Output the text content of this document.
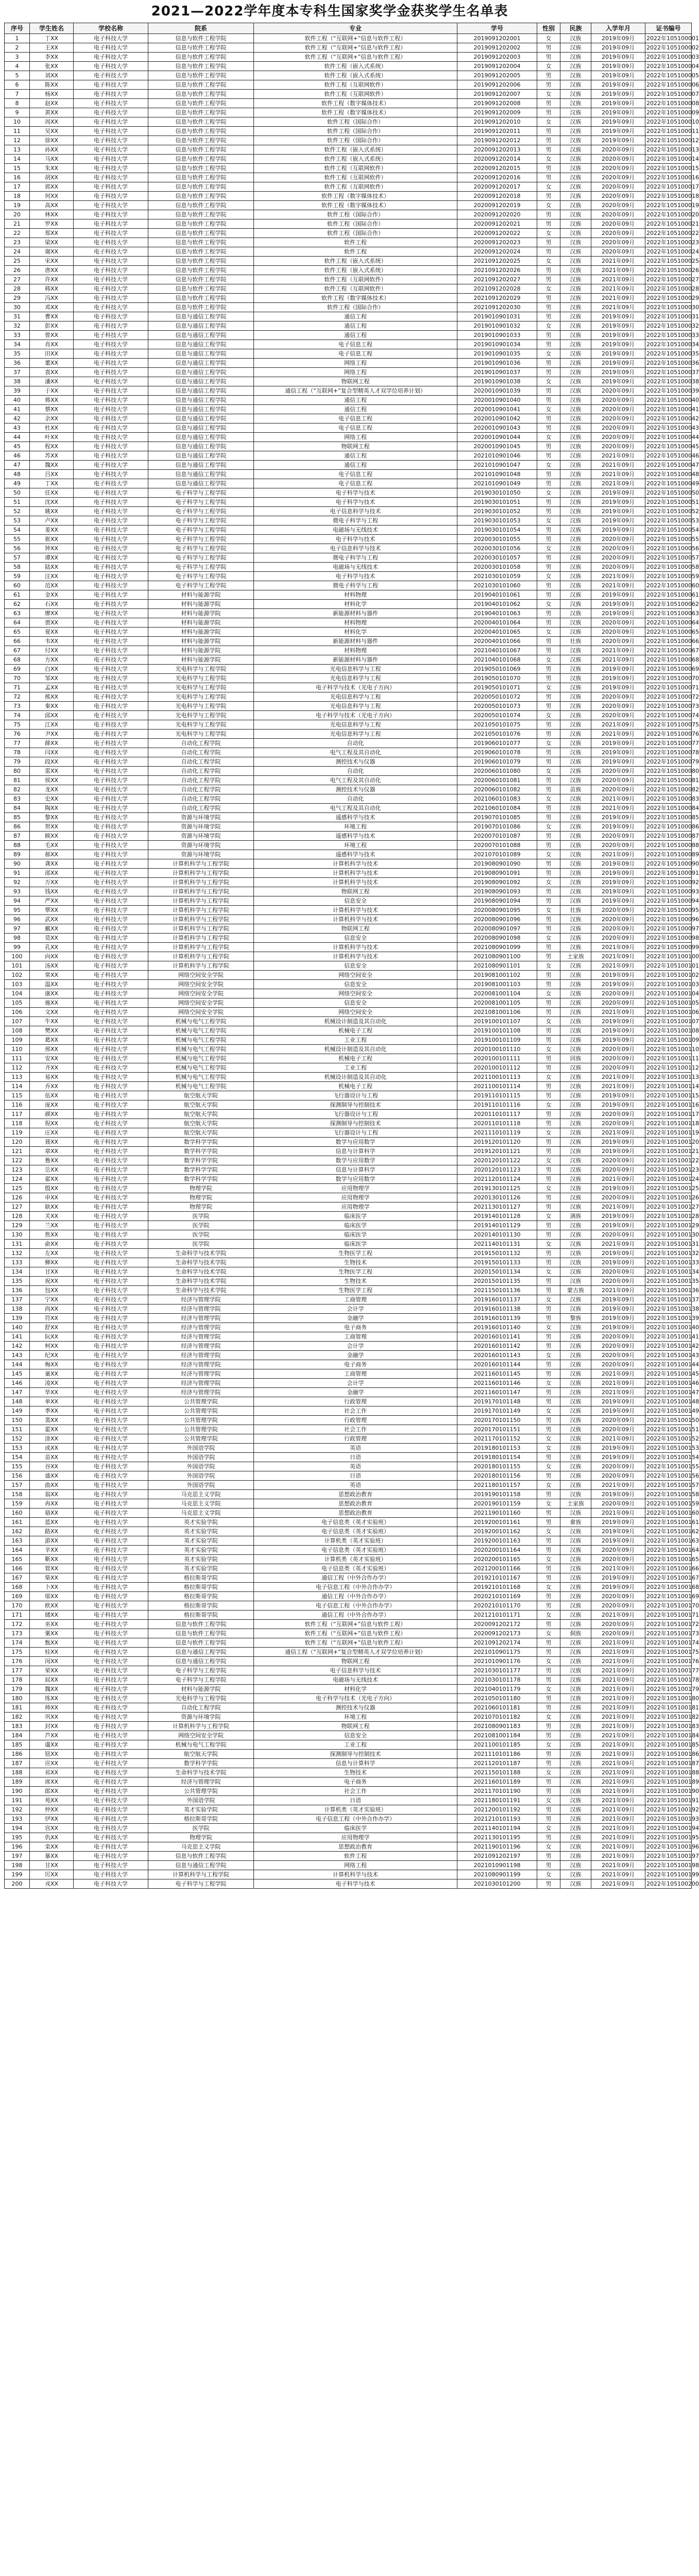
2021—2022学年度本专科生国家奖学金获奖学生名单表
序号	学生姓名	学校名称	院系	专业	学号	性别	民族	入学年月	证书编号
1	丁XX	电子科技大学	信息与软件工程学院	软件工程（“互联网+”信息与软件工程）	2019091202001	女	汉族	2019年09月	2022年105100001
2	王XX	电子科技大学	信息与软件工程学院	软件工程（“互联网+”信息与软件工程）	2019091202002	男	汉族	2019年09月	2022年105100002
3	李XX	电子科技大学	信息与软件工程学院	软件工程（“互联网+”信息与软件工程）	2019091202003	男	汉族	2019年09月	2022年105100003
4	张XX	电子科技大学	信息与软件工程学院	软件工程（嵌入式系统）	2019091202004	女	汉族	2019年09月	2022年105100004
5	刘XX	电子科技大学	信息与软件工程学院	软件工程（嵌入式系统）	2019091202005	男	汉族	2019年09月	2022年105100005
6	陈XX	电子科技大学	信息与软件工程学院	软件工程（互联网软件）	2019091202006	男	汉族	2019年09月	2022年105100006
7	杨XX	电子科技大学	信息与软件工程学院	软件工程（互联网软件）	2019091202007	女	汉族	2019年09月	2022年105100007
8	赵XX	电子科技大学	信息与软件工程学院	软件工程（数字媒体技术）	2019091202008	男	汉族	2019年09月	2022年105100008
9	黄XX	电子科技大学	信息与软件工程学院	软件工程（数字媒体技术）	2019091202009	男	汉族	2019年09月	2022年105100009
10	周XX	电子科技大学	信息与软件工程学院	软件工程（国际合作）	2019091202010	女	汉族	2019年09月	2022年105100010
11	吴XX	电子科技大学	信息与软件工程学院	软件工程（国际合作）	2019091202011	男	汉族	2019年09月	2022年105100011
12	徐XX	电子科技大学	信息与软件工程学院	软件工程（国际合作）	2019091202012	男	汉族	2019年09月	2022年105100012
13	孙XX	电子科技大学	信息与软件工程学院	软件工程（嵌入式系统）	2020091202013	男	汉族	2020年09月	2022年105100013
14	马XX	电子科技大学	信息与软件工程学院	软件工程（嵌入式系统）	2020091202014	女	汉族	2020年09月	2022年105100014
15	朱XX	电子科技大学	信息与软件工程学院	软件工程（互联网软件）	2020091202015	男	汉族	2020年09月	2022年105100015
16	胡XX	电子科技大学	信息与软件工程学院	软件工程（互联网软件）	2020091202016	男	汉族	2020年09月	2022年105100016
17	郭XX	电子科技大学	信息与软件工程学院	软件工程（互联网软件）	2020091202017	女	汉族	2020年09月	2022年105100017
18	何XX	电子科技大学	信息与软件工程学院	软件工程（数字媒体技术）	2020091202018	男	汉族	2020年09月	2022年105100018
19	高XX	电子科技大学	信息与软件工程学院	软件工程（数字媒体技术）	2020091202019	女	汉族	2020年09月	2022年105100019
20	林XX	电子科技大学	信息与软件工程学院	软件工程（国际合作）	2020091202020	男	汉族	2020年09月	2022年105100020
21	罗XX	电子科技大学	信息与软件工程学院	软件工程（国际合作）	2020091202021	男	汉族	2020年09月	2022年105100021
22	郑XX	电子科技大学	信息与软件工程学院	软件工程（国际合作）	2020091202022	女	汉族	2020年09月	2022年105100022
23	梁XX	电子科技大学	信息与软件工程学院	软件工程	2020091202023	男	汉族	2020年09月	2022年105100023
24	谢XX	电子科技大学	信息与软件工程学院	软件工程	2020091202024	男	汉族	2020年09月	2022年105100024
25	宋XX	电子科技大学	信息与软件工程学院	软件工程（嵌入式系统）	2021091202025	女	汉族	2021年09月	2022年105100025
26	唐XX	电子科技大学	信息与软件工程学院	软件工程（嵌入式系统）	2021091202026	男	汉族	2021年09月	2022年105100026
27	许XX	电子科技大学	信息与软件工程学院	软件工程（互联网软件）	2021091202027	男	汉族	2021年09月	2022年105100027
28	韩XX	电子科技大学	信息与软件工程学院	软件工程（互联网软件）	2021091202028	女	汉族	2021年09月	2022年105100028
29	冯XX	电子科技大学	信息与软件工程学院	软件工程（数字媒体技术）	2021091202029	男	汉族	2021年09月	2022年105100029
30	邓XX	电子科技大学	信息与软件工程学院	软件工程（国际合作）	2021091202030	男	汉族	2021年09月	2022年105100030
31	曹XX	电子科技大学	信息与通信工程学院	通信工程	2019010901031	男	汉族	2019年09月	2022年105100031
32	彭XX	电子科技大学	信息与通信工程学院	通信工程	2019010901032	女	汉族	2019年09月	2022年105100032
33	曾XX	电子科技大学	信息与通信工程学院	通信工程	2019010901033	男	汉族	2019年09月	2022年105100033
34	肖XX	电子科技大学	信息与通信工程学院	电子信息工程	2019010901034	男	汉族	2019年09月	2022年105100034
35	田XX	电子科技大学	信息与通信工程学院	电子信息工程	2019010901035	女	汉族	2019年09月	2022年105100035
36	董XX	电子科技大学	信息与通信工程学院	网络工程	2019010901036	男	汉族	2019年09月	2022年105100036
37	袁XX	电子科技大学	信息与通信工程学院	网络工程	2019010901037	男	汉族	2019年09月	2022年105100037
38	潘XX	电子科技大学	信息与通信工程学院	物联网工程	2019010901038	女	汉族	2019年09月	2022年105100038
39	于XX	电子科技大学	信息与通信工程学院	通信工程（“互联网+”复合型精英人才双学位培养计划）	2020010901039	男	汉族	2020年09月	2022年105100039
40	蒋XX	电子科技大学	信息与通信工程学院	通信工程	2020010901040	男	汉族	2020年09月	2022年105100040
41	蔡XX	电子科技大学	信息与通信工程学院	通信工程	2020010901041	女	汉族	2020年09月	2022年105100041
42	余XX	电子科技大学	信息与通信工程学院	电子信息工程	2020010901042	男	汉族	2020年09月	2022年105100042
43	杜XX	电子科技大学	信息与通信工程学院	电子信息工程	2020010901043	男	汉族	2020年09月	2022年105100043
44	叶XX	电子科技大学	信息与通信工程学院	网络工程	2020010901044	女	汉族	2020年09月	2022年105100044
45	程XX	电子科技大学	信息与通信工程学院	物联网工程	2020010901045	男	汉族	2020年09月	2022年105100045
46	苏XX	电子科技大学	信息与通信工程学院	通信工程	2021010901046	男	汉族	2021年09月	2022年105100046
47	魏XX	电子科技大学	信息与通信工程学院	通信工程	2021010901047	女	汉族	2021年09月	2022年105100047
48	吕XX	电子科技大学	信息与通信工程学院	电子信息工程	2021010901048	男	汉族	2021年09月	2022年105100048
49	丁XX	电子科技大学	信息与通信工程学院	电子信息工程	2021010901049	男	汉族	2021年09月	2022年105100049
50	任XX	电子科技大学	电子科学与工程学院	电子科学与技术	2019030101050	女	汉族	2019年09月	2022年105100050
51	沈XX	电子科技大学	电子科学与工程学院	电子科学与技术	2019030101051	男	汉族	2019年09月	2022年105100051
52	姚XX	电子科技大学	电子科学与工程学院	电子信息科学与技术	2019030101052	男	汉族	2019年09月	2022年105100052
53	卢XX	电子科技大学	电子科学与工程学院	微电子科学与工程	2019030101053	女	汉族	2019年09月	2022年105100053
54	姜XX	电子科技大学	电子科学与工程学院	电磁场与无线技术	2019030101054	男	汉族	2019年09月	2022年105100054
55	崔XX	电子科技大学	电子科学与工程学院	电子科学与技术	2020030101055	男	汉族	2020年09月	2022年105100055
56	钟XX	电子科技大学	电子科学与工程学院	电子信息科学与技术	2020030101056	女	汉族	2020年09月	2022年105100056
57	谭XX	电子科技大学	电子科学与工程学院	微电子科学与工程	2020030101057	男	汉族	2020年09月	2022年105100057
58	陆XX	电子科技大学	电子科学与工程学院	电磁场与无线技术	2020030101058	男	汉族	2020年09月	2022年105100058
59	汪XX	电子科技大学	电子科学与工程学院	电子科学与技术	2021030101059	女	汉族	2021年09月	2022年105100059
60	范XX	电子科技大学	电子科学与工程学院	微电子科学与工程	2021030101060	男	汉族	2021年09月	2022年105100060
61	金XX	电子科技大学	材料与能源学院	材料物理	2019040101061	男	汉族	2019年09月	2022年105100061
62	石XX	电子科技大学	材料与能源学院	材料化学	2019040101062	女	汉族	2019年09月	2022年105100062
63	廖XX	电子科技大学	材料与能源学院	新能源材料与器件	2019040101063	男	汉族	2019年09月	2022年105100063
64	贾XX	电子科技大学	材料与能源学院	材料物理	2020040101064	男	汉族	2020年09月	2022年105100064
65	夏XX	电子科技大学	材料与能源学院	材料化学	2020040101065	女	汉族	2020年09月	2022年105100065
66	韦XX	电子科技大学	材料与能源学院	新能源材料与器件	2020040101066	男	壮族	2020年09月	2022年105100066
67	付XX	电子科技大学	材料与能源学院	材料物理	2021040101067	男	汉族	2021年09月	2022年105100067
68	方XX	电子科技大学	材料与能源学院	新能源材料与器件	2021040101068	女	汉族	2021年09月	2022年105100068
69	白XX	电子科技大学	光电科学与工程学院	光电信息科学与工程	2019050101069	男	汉族	2019年09月	2022年105100069
70	邹XX	电子科技大学	光电科学与工程学院	光电信息科学与工程	2019050101070	男	汉族	2019年09月	2022年105100070
71	孟XX	电子科技大学	光电科学与工程学院	电子科学与技术（光电子方向）	2019050101071	女	汉族	2019年09月	2022年105100071
72	熊XX	电子科技大学	光电科学与工程学院	光电信息科学与工程	2020050101072	男	汉族	2020年09月	2022年105100072
73	秦XX	电子科技大学	光电科学与工程学院	光电信息科学与工程	2020050101073	男	汉族	2020年09月	2022年105100073
74	邱XX	电子科技大学	光电科学与工程学院	电子科学与技术（光电子方向）	2020050101074	女	汉族	2020年09月	2022年105100074
75	江XX	电子科技大学	光电科学与工程学院	光电信息科学与工程	2021050101075	男	汉族	2021年09月	2022年105100075
76	尹XX	电子科技大学	光电科学与工程学院	光电信息科学与工程	2021050101076	男	汉族	2021年09月	2022年105100076
77	薛XX	电子科技大学	自动化工程学院	自动化	2019060101077	女	汉族	2019年09月	2022年105100077
78	闫XX	电子科技大学	自动化工程学院	电气工程及其自动化	2019060101078	男	汉族	2019年09月	2022年105100078
79	段XX	电子科技大学	自动化工程学院	测控技术与仪器	2019060101079	男	汉族	2019年09月	2022年105100079
80	雷XX	电子科技大学	自动化工程学院	自动化	2020060101080	女	汉族	2020年09月	2022年105100080
81	侯XX	电子科技大学	自动化工程学院	电气工程及其自动化	2020060101081	男	汉族	2020年09月	2022年105100081
82	龙XX	电子科技大学	自动化工程学院	测控技术与仪器	2020060101082	男	苗族	2020年09月	2022年105100082
83	史XX	电子科技大学	自动化工程学院	自动化	2021060101083	女	汉族	2021年09月	2022年105100083
84	陶XX	电子科技大学	自动化工程学院	电气工程及其自动化	2021060101084	男	汉族	2021年09月	2022年105100084
85	黎XX	电子科技大学	资源与环境学院	遥感科学与技术	2019070101085	男	汉族	2019年09月	2022年105100085
86	贺XX	电子科技大学	资源与环境学院	环境工程	2019070101086	女	汉族	2019年09月	2022年105100086
87	顾XX	电子科技大学	资源与环境学院	遥感科学与技术	2020070101087	男	汉族	2020年09月	2022年105100087
88	毛XX	电子科技大学	资源与环境学院	环境工程	2020070101088	男	汉族	2020年09月	2022年105100088
89	郝XX	电子科技大学	资源与环境学院	遥感科学与技术	2021070101089	女	汉族	2021年09月	2022年105100089
90	龚XX	电子科技大学	计算机科学与工程学院	计算机科学与技术	2019080901090	男	汉族	2019年09月	2022年105100090
91	邵XX	电子科技大学	计算机科学与工程学院	计算机科学与技术	2019080901091	男	汉族	2019年09月	2022年105100091
92	万XX	电子科技大学	计算机科学与工程学院	计算机科学与技术	2019080901092	女	汉族	2019年09月	2022年105100092
93	钱XX	电子科技大学	计算机科学与工程学院	物联网工程	2019080901093	男	汉族	2019年09月	2022年105100093
94	严XX	电子科技大学	计算机科学与工程学院	信息安全	2019080901094	男	汉族	2019年09月	2022年105100094
95	覃XX	电子科技大学	计算机科学与工程学院	计算机科学与技术	2020080901095	女	壮族	2020年09月	2022年105100095
96	武XX	电子科技大学	计算机科学与工程学院	计算机科学与技术	2020080901096	男	汉族	2020年09月	2022年105100096
97	戴XX	电子科技大学	计算机科学与工程学院	物联网工程	2020080901097	男	汉族	2020年09月	2022年105100097
98	莫XX	电子科技大学	计算机科学与工程学院	信息安全	2020080901098	女	汉族	2020年09月	2022年105100098
99	孔XX	电子科技大学	计算机科学与工程学院	计算机科学与技术	2021080901099	男	汉族	2021年09月	2022年105100099
100	向XX	电子科技大学	计算机科学与工程学院	计算机科学与技术	2021080901100	男	土家族	2021年09月	2022年105100100
101	汤XX	电子科技大学	计算机科学与工程学院	信息安全	2021080901101	女	汉族	2021年09月	2022年105100101
102	常XX	电子科技大学	网络空间安全学院	网络空间安全	2019081001102	男	汉族	2019年09月	2022年105100102
103	温XX	电子科技大学	网络空间安全学院	信息安全	2019081001103	男	汉族	2019年09月	2022年105100103
104	康XX	电子科技大学	网络空间安全学院	网络空间安全	2020081001104	女	汉族	2020年09月	2022年105100104
105	施XX	电子科技大学	网络空间安全学院	信息安全	2020081001105	男	汉族	2020年09月	2022年105100105
106	文XX	电子科技大学	网络空间安全学院	网络空间安全	2021081001106	男	汉族	2021年09月	2022年105100106
107	牛XX	电子科技大学	机械与电气工程学院	机械设计制造及其自动化	2019100101107	女	汉族	2019年09月	2022年105100107
108	樊XX	电子科技大学	机械与电气工程学院	机械电子工程	2019100101108	男	汉族	2019年09月	2022年105100108
109	葛XX	电子科技大学	机械与电气工程学院	工业工程	2019100101109	男	汉族	2019年09月	2022年105100109
110	邢XX	电子科技大学	机械与电气工程学院	机械设计制造及其自动化	2020100101110	女	汉族	2020年09月	2022年105100110
111	安XX	电子科技大学	机械与电气工程学院	机械电子工程	2020100101111	男	回族	2020年09月	2022年105100111
112	齐XX	电子科技大学	机械与电气工程学院	工业工程	2020100101112	男	汉族	2020年09月	2022年105100112
113	易XX	电子科技大学	机械与电气工程学院	机械设计制造及其自动化	2021100101113	女	汉族	2021年09月	2022年105100113
114	乔XX	电子科技大学	机械与电气工程学院	机械电子工程	2021100101114	男	汉族	2021年09月	2022年105100114
115	伍XX	电子科技大学	航空航天学院	飞行器设计与工程	2019110101115	男	汉族	2019年09月	2022年105100115
116	庞XX	电子科技大学	航空航天学院	探测制导与控制技术	2019110101116	女	汉族	2019年09月	2022年105100116
117	颜XX	电子科技大学	航空航天学院	飞行器设计与工程	2020110101117	男	汉族	2020年09月	2022年105100117
118	倪XX	电子科技大学	航空航天学院	探测制导与控制技术	2020110101118	男	汉族	2020年09月	2022年105100118
119	庄XX	电子科技大学	航空航天学院	飞行器设计与工程	2021110101119	女	汉族	2021年09月	2022年105100119
120	聂XX	电子科技大学	数学科学学院	数学与应用数学	2019120101120	男	汉族	2019年09月	2022年105100120
121	章XX	电子科技大学	数学科学学院	信息与计算科学	2019120101121	男	汉族	2019年09月	2022年105100121
122	鲁XX	电子科技大学	数学科学学院	数学与应用数学	2020120101122	女	汉族	2020年09月	2022年105100122
123	岳XX	电子科技大学	数学科学学院	信息与计算科学	2020120101123	男	汉族	2020年09月	2022年105100123
124	翟XX	电子科技大学	数学科学学院	数学与应用数学	2021120101124	男	汉族	2021年09月	2022年105100124
125	殷XX	电子科技大学	物理学院	应用物理学	2019130101125	女	汉族	2019年09月	2022年105100125
126	申XX	电子科技大学	物理学院	应用物理学	2020130101126	男	汉族	2020年09月	2022年105100126
127	耿XX	电子科技大学	物理学院	应用物理学	2021130101127	男	汉族	2021年09月	2022年105100127
128	关XX	电子科技大学	医学院	临床医学	2019140101128	女	满族	2019年09月	2022年105100128
129	兰XX	电子科技大学	医学院	临床医学	2019140101129	男	汉族	2019年09月	2022年105100129
130	焦XX	电子科技大学	医学院	临床医学	2020140101130	男	汉族	2020年09月	2022年105100130
131	俞XX	电子科技大学	医学院	临床医学	2021140101131	女	汉族	2021年09月	2022年105100131
132	左XX	电子科技大学	生命科学与技术学院	生物医学工程	2019150101132	男	汉族	2019年09月	2022年105100132
133	柳XX	电子科技大学	生命科学与技术学院	生物技术	2019150101133	男	汉族	2019年09月	2022年105100133
134	甘XX	电子科技大学	生命科学与技术学院	生物医学工程	2020150101134	女	汉族	2020年09月	2022年105100134
135	祝XX	电子科技大学	生命科学与技术学院	生物技术	2020150101135	男	汉族	2020年09月	2022年105100135
136	包XX	电子科技大学	生命科学与技术学院	生物医学工程	2021150101136	男	蒙古族	2021年09月	2022年105100136
137	宁XX	电子科技大学	经济与管理学院	工商管理	2019160101137	女	汉族	2019年09月	2022年105100137
138	尚XX	电子科技大学	经济与管理学院	会计学	2019160101138	男	汉族	2019年09月	2022年105100138
139	符XX	电子科技大学	经济与管理学院	金融学	2019160101139	男	黎族	2019年09月	2022年105100139
140	舒XX	电子科技大学	经济与管理学院	电子商务	2019160101140	女	汉族	2019年09月	2022年105100140
141	阮XX	电子科技大学	经济与管理学院	工商管理	2020160101141	男	汉族	2020年09月	2022年105100141
142	柯XX	电子科技大学	经济与管理学院	会计学	2020160101142	男	汉族	2020年09月	2022年105100142
143	纪XX	电子科技大学	经济与管理学院	金融学	2020160101143	女	汉族	2020年09月	2022年105100143
144	梅XX	电子科技大学	经济与管理学院	电子商务	2020160101144	男	汉族	2020年09月	2022年105100144
145	童XX	电子科技大学	经济与管理学院	工商管理	2021160101145	男	汉族	2021年09月	2022年105100145
146	凌XX	电子科技大学	经济与管理学院	会计学	2021160101146	女	汉族	2021年09月	2022年105100146
147	毕XX	电子科技大学	经济与管理学院	金融学	2021160101147	男	汉族	2021年09月	2022年105100147
148	单XX	电子科技大学	公共管理学院	行政管理	2019170101148	男	汉族	2019年09月	2022年105100148
149	季XX	电子科技大学	公共管理学院	社会工作	2019170101149	女	汉族	2019年09月	2022年105100149
150	裴XX	电子科技大学	公共管理学院	行政管理	2020170101150	男	汉族	2020年09月	2022年105100150
151	霍XX	电子科技大学	公共管理学院	社会工作	2020170101151	男	汉族	2020年09月	2022年105100151
152	涂XX	电子科技大学	公共管理学院	行政管理	2021170101152	女	汉族	2021年09月	2022年105100152
153	成XX	电子科技大学	外国语学院	英语	2019180101153	女	汉族	2019年09月	2022年105100153
154	苗XX	电子科技大学	外国语学院	日语	2019180101154	男	汉族	2019年09月	2022年105100154
155	谷XX	电子科技大学	外国语学院	英语	2020180101155	女	汉族	2020年09月	2022年105100155
156	盛XX	电子科技大学	外国语学院	日语	2020180101156	男	汉族	2020年09月	2022年105100156
157	曲XX	电子科技大学	外国语学院	英语	2021180101157	女	汉族	2021年09月	2022年105100157
158	翁XX	电子科技大学	马克思主义学院	思想政治教育	2019190101158	男	汉族	2019年09月	2022年105100158
159	冉XX	电子科技大学	马克思主义学院	思想政治教育	2020190101159	女	土家族	2020年09月	2022年105100159
160	骆XX	电子科技大学	马克思主义学院	思想政治教育	2021190101160	男	汉族	2021年09月	2022年105100160
161	蓝XX	电子科技大学	英才实验学院	电子信息类（英才实验班）	2019200101161	男	畲族	2019年09月	2022年105100161
162	路XX	电子科技大学	英才实验学院	电子信息类（英才实验班）	2019200101162	女	汉族	2019年09月	2022年105100162
163	游XX	电子科技大学	英才实验学院	计算机类（英才实验班）	2019200101163	男	汉族	2019年09月	2022年105100163
164	辛XX	电子科技大学	英才实验学院	电子信息类（英才实验班）	2020200101164	男	汉族	2020年09月	2022年105100164
165	靳XX	电子科技大学	英才实验学院	计算机类（英才实验班）	2020200101165	女	汉族	2020年09月	2022年105100165
166	管XX	电子科技大学	英才实验学院	电子信息类（英才实验班）	2021200101166	男	汉族	2021年09月	2022年105100166
167	柴XX	电子科技大学	格拉斯哥学院	通信工程（中外合作办学）	2019210101167	男	汉族	2019年09月	2022年105100167
168	卜XX	电子科技大学	格拉斯哥学院	电子信息工程（中外合作办学）	2019210101168	女	汉族	2019年09月	2022年105100168
169	邬XX	电子科技大学	格拉斯哥学院	通信工程（中外合作办学）	2020210101169	男	汉族	2020年09月	2022年105100169
170	欧XX	电子科技大学	格拉斯哥学院	电子信息工程（中外合作办学）	2020210101170	男	汉族	2020年09月	2022年105100170
171	储XX	电子科技大学	格拉斯哥学院	通信工程（中外合作办学）	2021210101171	女	汉族	2021年09月	2022年105100171
172	巫XX	电子科技大学	信息与软件工程学院	软件工程（“互联网+”信息与软件工程）	2020091202172	男	汉族	2020年09月	2022年105100172
173	粟XX	电子科技大学	信息与软件工程学院	软件工程（“互联网+”信息与软件工程）	2020091202173	女	侗族	2020年09月	2022年105100173
174	甄XX	电子科技大学	信息与软件工程学院	软件工程（“互联网+”信息与软件工程）	2021091202174	男	汉族	2021年09月	2022年105100174
175	桂XX	电子科技大学	信息与通信工程学院	通信工程（“互联网+”复合型精英人才双学位培养计划）	2021010901175	男	汉族	2021年09月	2022年105100175
176	闵XX	电子科技大学	信息与通信工程学院	物联网工程	2021010901176	女	汉族	2021年09月	2022年105100176
177	荣XX	电子科技大学	电子科学与工程学院	电子信息科学与技术	2021030101177	男	汉族	2021年09月	2022年105100177
178	屈XX	电子科技大学	电子科学与工程学院	电磁场与无线技术	2021030101178	男	汉族	2021年09月	2022年105100178
179	魏XX	电子科技大学	材料与能源学院	材料化学	2021040101179	女	汉族	2021年09月	2022年105100179
180	练XX	电子科技大学	光电科学与工程学院	电子科学与技术（光电子方向）	2021050101180	男	汉族	2021年09月	2022年105100180
181	帅XX	电子科技大学	自动化工程学院	测控技术与仪器	2021060101181	男	汉族	2021年09月	2022年105100181
182	巩XX	电子科技大学	资源与环境学院	环境工程	2021070101182	女	汉族	2021年09月	2022年105100182
183	封XX	电子科技大学	计算机科学与工程学院	物联网工程	2021080901183	男	汉族	2021年09月	2022年105100183
184	芦XX	电子科技大学	网络空间安全学院	信息安全	2021081001184	男	汉族	2021年09月	2022年105100184
185	虞XX	电子科技大学	机械与电气工程学院	工业工程	2021100101185	女	汉族	2021年09月	2022年105100185
186	钮XX	电子科技大学	航空航天学院	探测制导与控制技术	2021110101186	男	汉族	2021年09月	2022年105100186
187	应XX	电子科技大学	数学科学学院	信息与计算科学	2021120101187	男	汉族	2021年09月	2022年105100187
188	祁XX	电子科技大学	生命科学与技术学院	生物技术	2021150101188	女	汉族	2021年09月	2022年105100188
189	席XX	电子科技大学	经济与管理学院	电子商务	2021160101189	男	汉族	2021年09月	2022年105100189
190	郎XX	电子科技大学	公共管理学院	社会工作	2021170101190	男	汉族	2021年09月	2022年105100190
191	苑XX	电子科技大学	外国语学院	日语	2021180101191	女	汉族	2021年09月	2022年105100191
192	仲XX	电子科技大学	英才实验学院	计算机类（英才实验班）	2021200101192	男	汉族	2021年09月	2022年105100192
193	伊XX	电子科技大学	格拉斯哥学院	电子信息工程（中外合作办学）	2021210101193	男	汉族	2021年09月	2022年105100193
194	宫XX	电子科技大学	医学院	临床医学	2021140101194	女	汉族	2021年09月	2022年105100194
195	仇XX	电子科技大学	物理学院	应用物理学	2021130101195	男	汉族	2021年09月	2022年105100195
196	栾XX	电子科技大学	马克思主义学院	思想政治教育	2021190101196	女	汉族	2021年09月	2022年105100196
197	暴XX	电子科技大学	信息与软件工程学院	软件工程	2021091202197	男	汉族	2021年09月	2022年105100197
198	甘XX	电子科技大学	信息与通信工程学院	网络工程	2021010901198	男	汉族	2021年09月	2022年105100198
199	厉XX	电子科技大学	计算机科学与工程学院	计算机科学与技术	2021080901199	女	汉族	2021年09月	2022年105100199
200	戎XX	电子科技大学	电子科学与工程学院	电子科学与技术	2021030101200	男	汉族	2021年09月	2022年105100200
